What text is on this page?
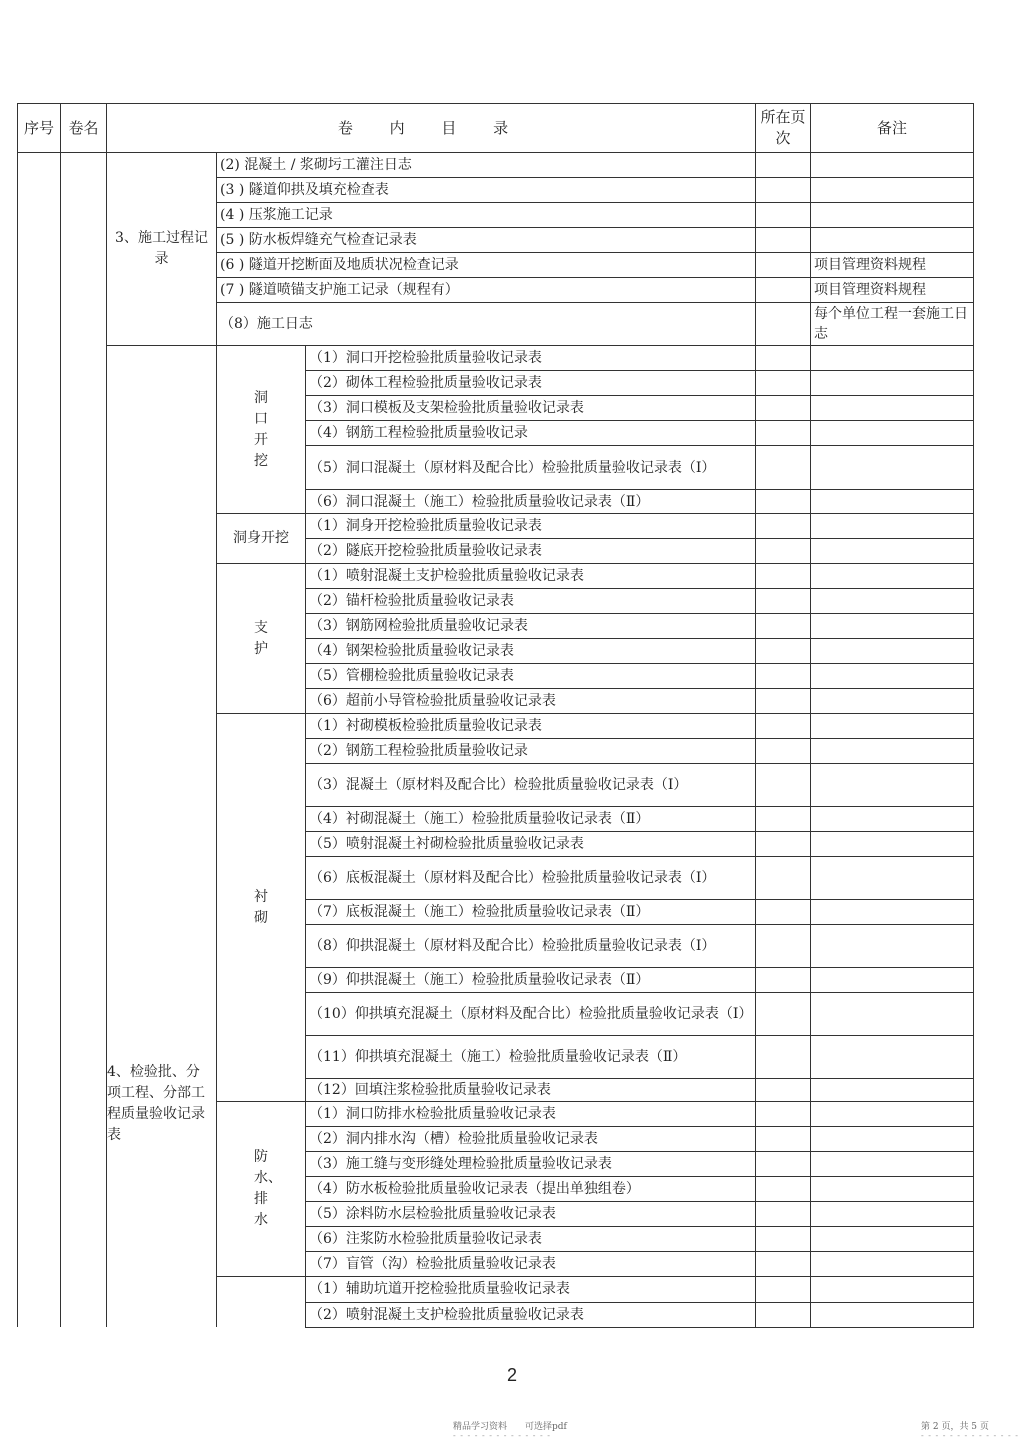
序号	卷名	卷 内 目 录			所在页次	备注
		3、施工过程记录	(2) 混凝土 / 浆砌圬工灌注日志			
			(3 ) 隧道仰拱及填充检查表			
			(4 ) 压浆施工记录			
			(5 ) 防水板焊缝充气检查记录表			
			(6 ) 隧道开挖断面及地质状况检查记录			项目管理资料规程
			(7 ) 隧道喷锚支护施工记录（规程有）			项目管理资料规程
			（8）施工日志			每个单位工程一套施工日志
		4、检验批、分项工程、分部工程质量验收记录表	洞口开挖	（1）洞口开挖检验批质量验收记录表		
				（2）砌体工程检验批质量验收记录表		
				（3）洞口模板及支架检验批质量验收记录表		
				（4）钢筋工程检验批质量验收记录		
				（5）洞口混凝土（原材料及配合比）检验批质量验收记录表（Ⅰ）		
				（6）洞口混凝土（施工）检验批质量验收记录表（Ⅱ）		
			洞身开挖	（1）洞身开挖检验批质量验收记录表		
				（2）隧底开挖检验批质量验收记录表		
			支护	（1）喷射混凝土支护检验批质量验收记录表		
				（2）锚杆检验批质量验收记录表		
				（3）钢筋网检验批质量验收记录表		
				（4）钢架检验批质量验收记录表		
				（5）管棚检验批质量验收记录表		
				（6）超前小导管检验批质量验收记录表		
			衬砌	（1）衬砌模板检验批质量验收记录表		
				（2）钢筋工程检验批质量验收记录		
				（3）混凝土（原材料及配合比）检验批质量验收记录表（Ⅰ）		
				（4）衬砌混凝土（施工）检验批质量验收记录表（Ⅱ）		
				（5）喷射混凝土衬砌检验批质量验收记录表		
				（6）底板混凝土（原材料及配合比）检验批质量验收记录表（Ⅰ）		
				（7）底板混凝土（施工）检验批质量验收记录表（Ⅱ）		
				（8）仰拱混凝土（原材料及配合比）检验批质量验收记录表（Ⅰ）		
				（9）仰拱混凝土（施工）检验批质量验收记录表（Ⅱ）		
				（10）仰拱填充混凝土（原材料及配合比）检验批质量验收记录表（Ⅰ）		
				（11）仰拱填充混凝土（施工）检验批质量验收记录表（Ⅱ）		
				（12）回填注浆检验批质量验收记录表		
			防水、排水	（1）洞口防排水检验批质量验收记录表		
				（2）洞内排水沟（槽）检验批质量验收记录表		
				（3）施工缝与变形缝处理检验批质量验收记录表		
				（4）防水板检验批质量验收记录表（提出单独组卷）		
				（5）涂料防水层检验批质量验收记录表		
				（6）注浆防水检验批质量验收记录表		
				（7）盲管（沟）检验批质量验收记录表		
				（1）辅助坑道开挖检验批质量验收记录表		
				（2）喷射混凝土支护检验批质量验收记录表		
2
精品学习资料　　可选择pdf	第 2 页，共 5 页
- - - - - - - - - - - - - -	- - - - - - - - - - - - - -
